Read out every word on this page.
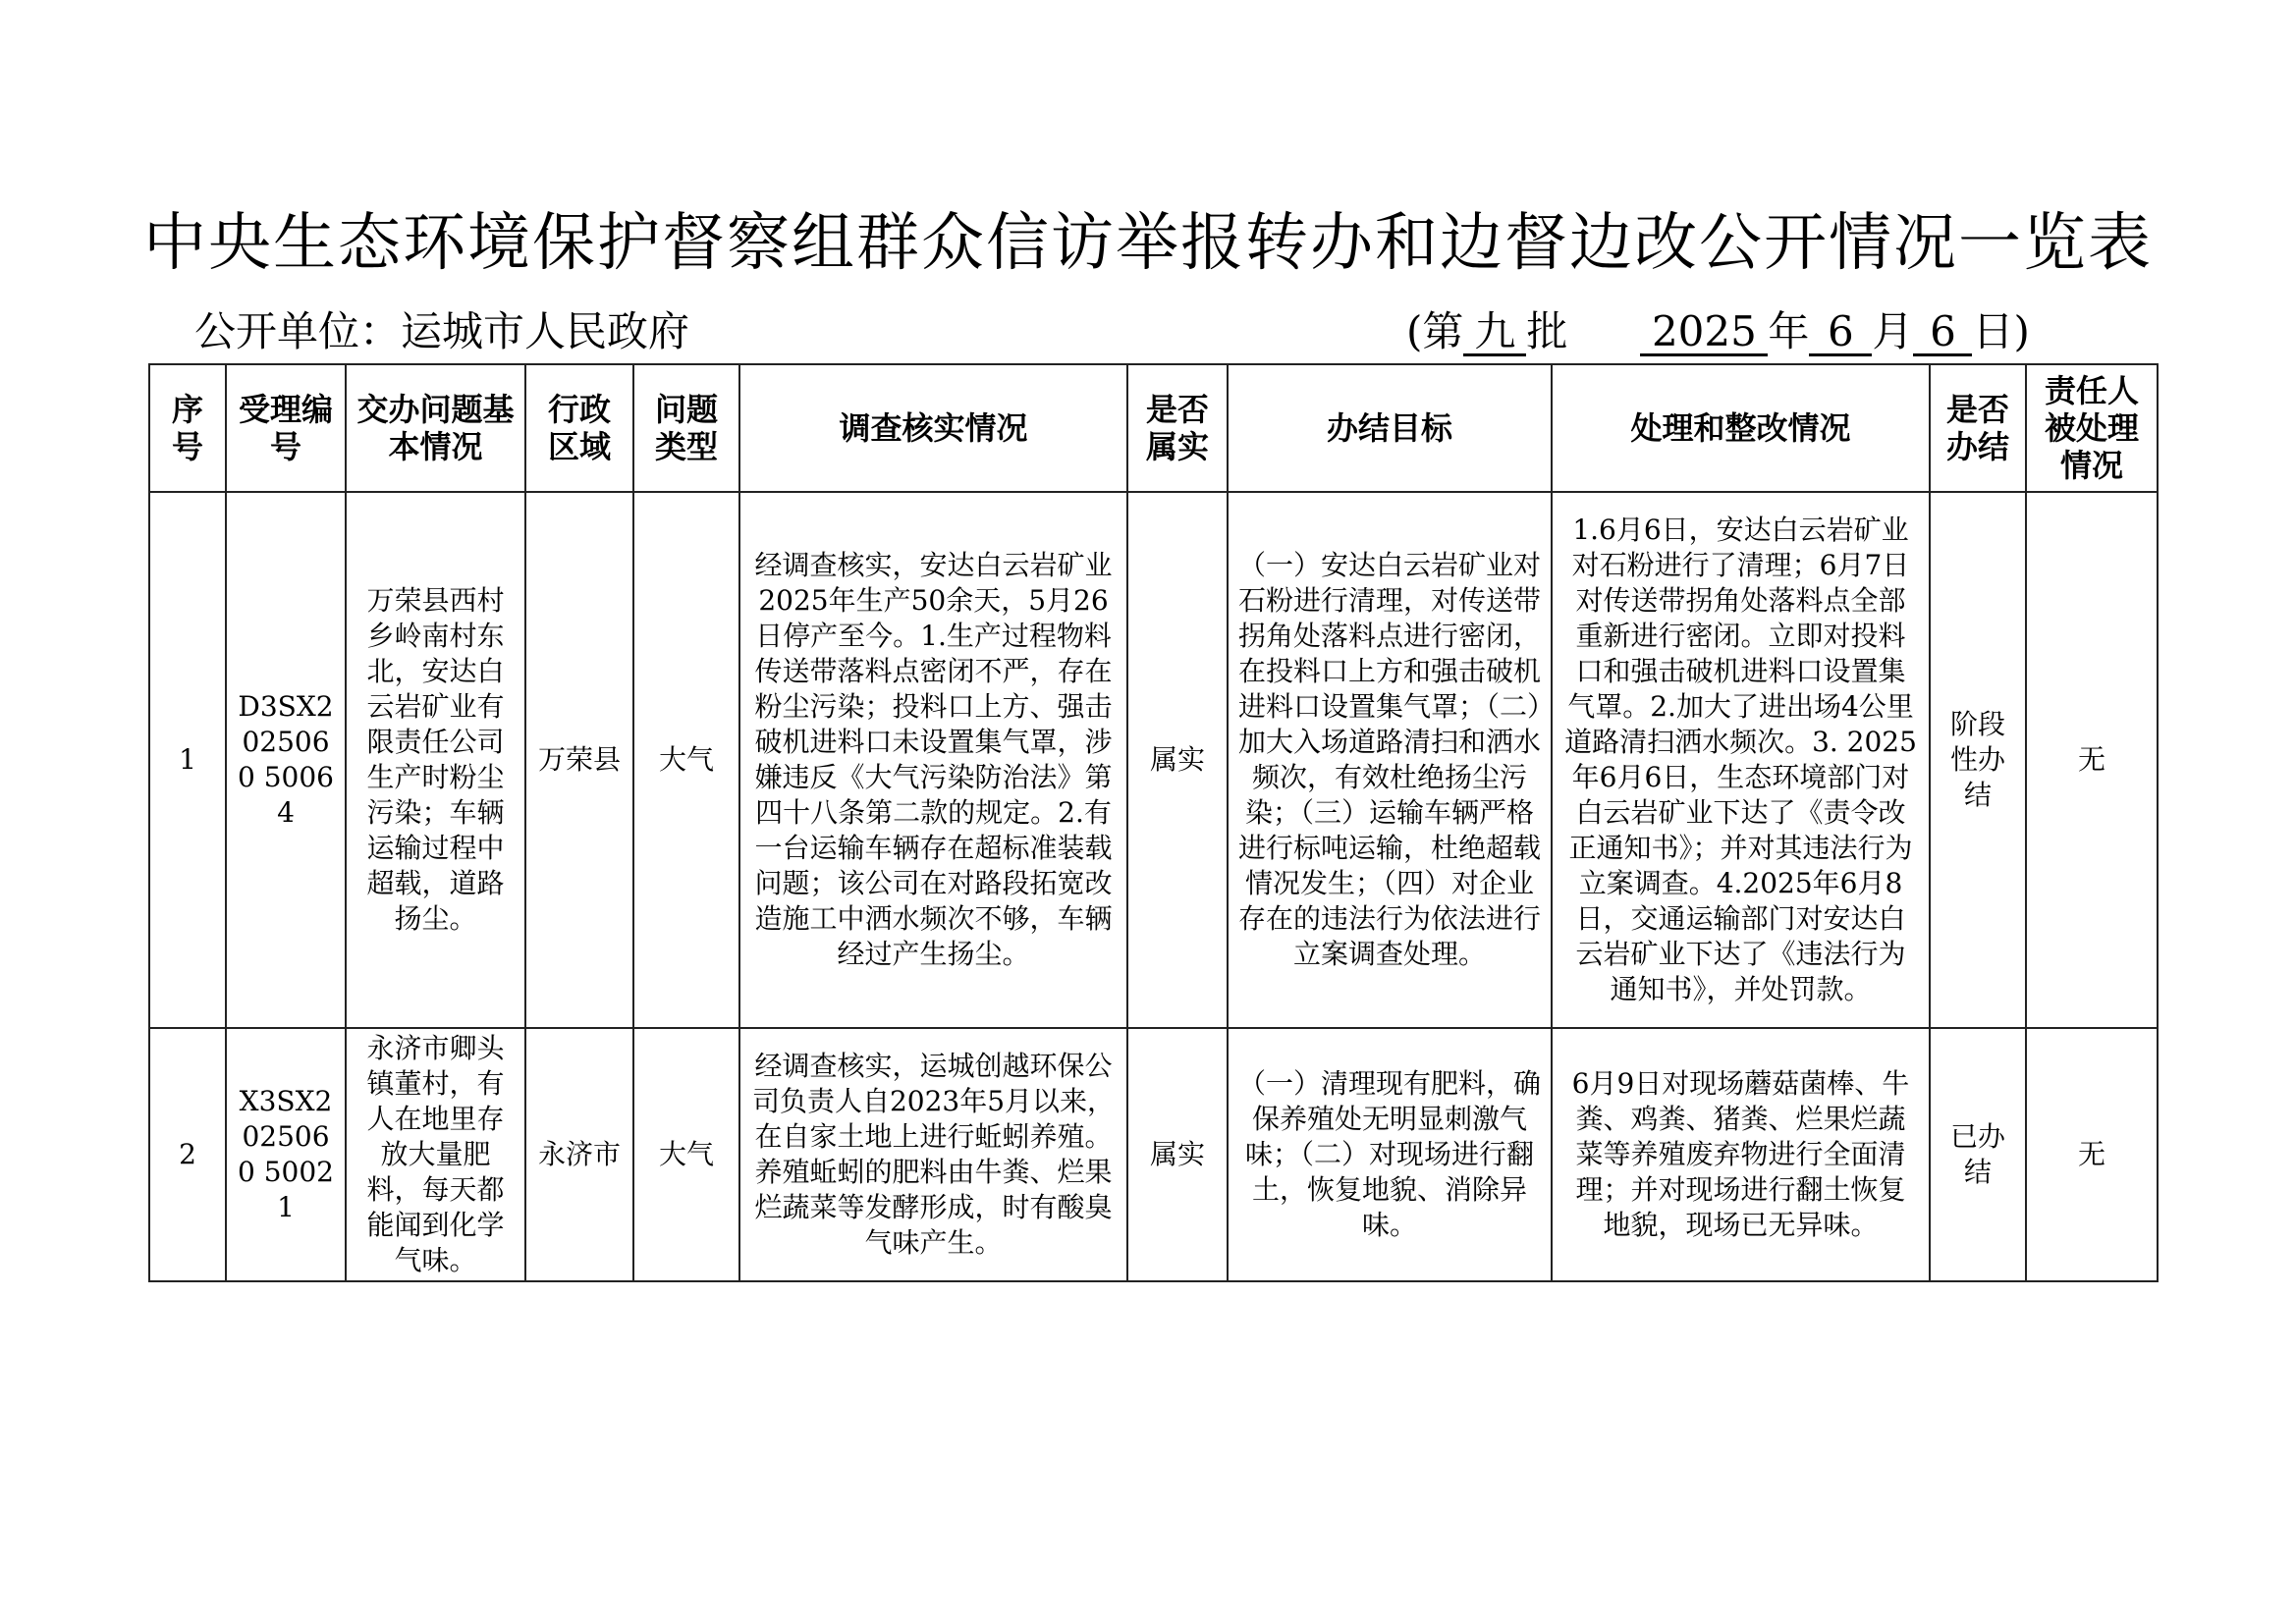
中央生态环境保护督察组群众信访举报转办和边督边改公开情况一览表
公开单位：运城市人民政府	(第 九 批 2025 年 6 月 6 日)
序号	受理编号	交办问题基本情况	行政区域	问题类型	调查核实情况	是否属实	办结目标	处理和整改情况	是否办结	责任人被处理情况
1	D3SX2025060 50064	万荣县西村乡岭南村东北，安达白云岩矿业有限责任公司生产时粉尘污染；车辆运输过程中超载，道路扬尘。	万荣县	大气	经调查核实，安达白云岩矿业2025年生产50余天，5月26日停产至今。1.生产过程物料传送带落料点密闭不严，存在粉尘污染；投料口上方、强击破机进料口未设置集气罩，涉嫌违反《大气污染防治法》第四十八条第二款的规定。2.有一台运输车辆存在超标准装载问题；该公司在对路段拓宽改造施工中洒水频次不够，车辆经过产生扬尘。	属实	（一）安达白云岩矿业对石粉进行清理，对传送带拐角处落料点进行密闭，在投料口上方和强击破机进料口设置集气罩；（二）加大入场道路清扫和洒水频次，有效杜绝扬尘污染；（三）运输车辆严格进行标吨运输，杜绝超载情况发生；（四）对企业存在的违法行为依法进行立案调查处理。	1.6月6日，安达白云岩矿业对石粉进行了清理；6月7日对传送带拐角处落料点全部重新进行密闭。立即对投料口和强击破机进料口设置集气罩。2.加大了进出场4公里道路清扫洒水频次。3. 2025年6月6日，生态环境部门对白云岩矿业下达了《责令改正通知书》；并对其违法行为立案调查。4.2025年6月8日，交通运输部门对安达白云岩矿业下达了《违法行为通知书》，并处罚款。	阶段性办结	无
2	X3SX2025060 50021	永济市卿头镇董村，有人在地里存放大量肥料，每天都能闻到化学气味。	永济市	大气	经调查核实，运城创越环保公司负责人自2023年5月以来，在自家土地上进行蚯蚓养殖。养殖蚯蚓的肥料由牛粪、烂果烂蔬菜等发酵形成，时有酸臭气味产生。	属实	（一）清理现有肥料，确保养殖处无明显刺激气味；（二）对现场进行翻土，恢复地貌、消除异味。	6月9日对现场蘑菇菌棒、牛粪、鸡粪、猪粪、烂果烂蔬菜等养殖废弃物进行全面清理；并对现场进行翻土恢复地貌，现场已无异味。	已办结	无
